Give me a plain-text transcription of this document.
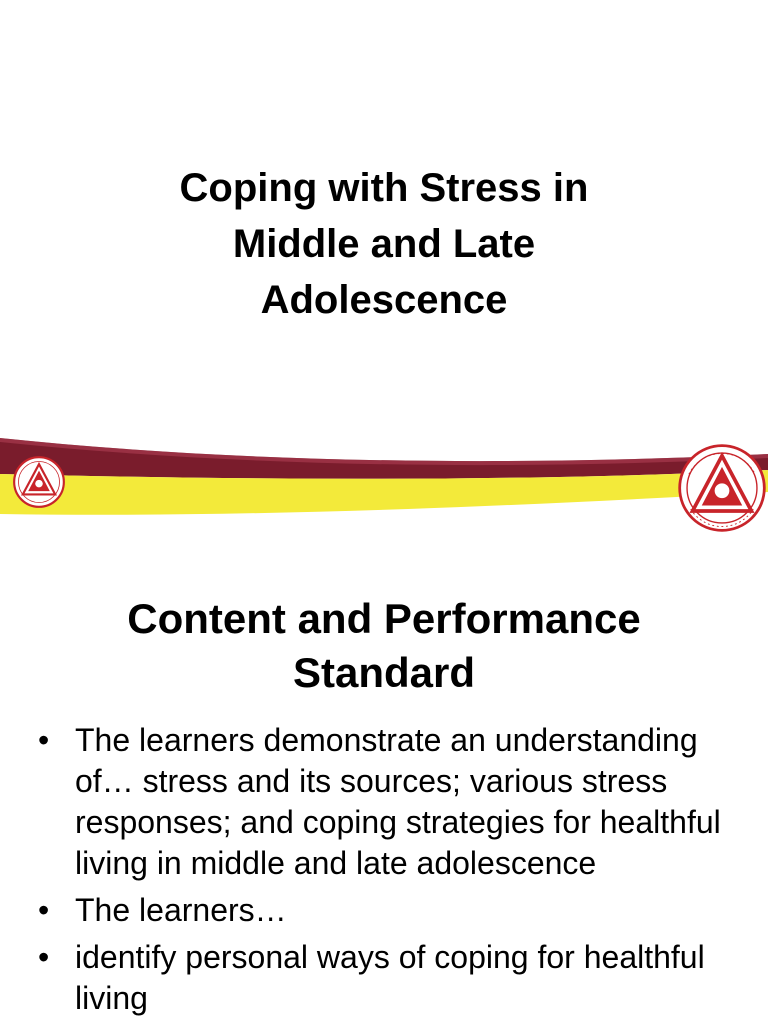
Coping with Stress in
Middle and Late
Adolescence
Content and Performance
Standard
• The learners demonstrate an understanding of… stress and its sources; various stress responses; and coping strategies for healthful living in middle and late adolescence
• The learners…
• identify personal ways of coping for healthful living
